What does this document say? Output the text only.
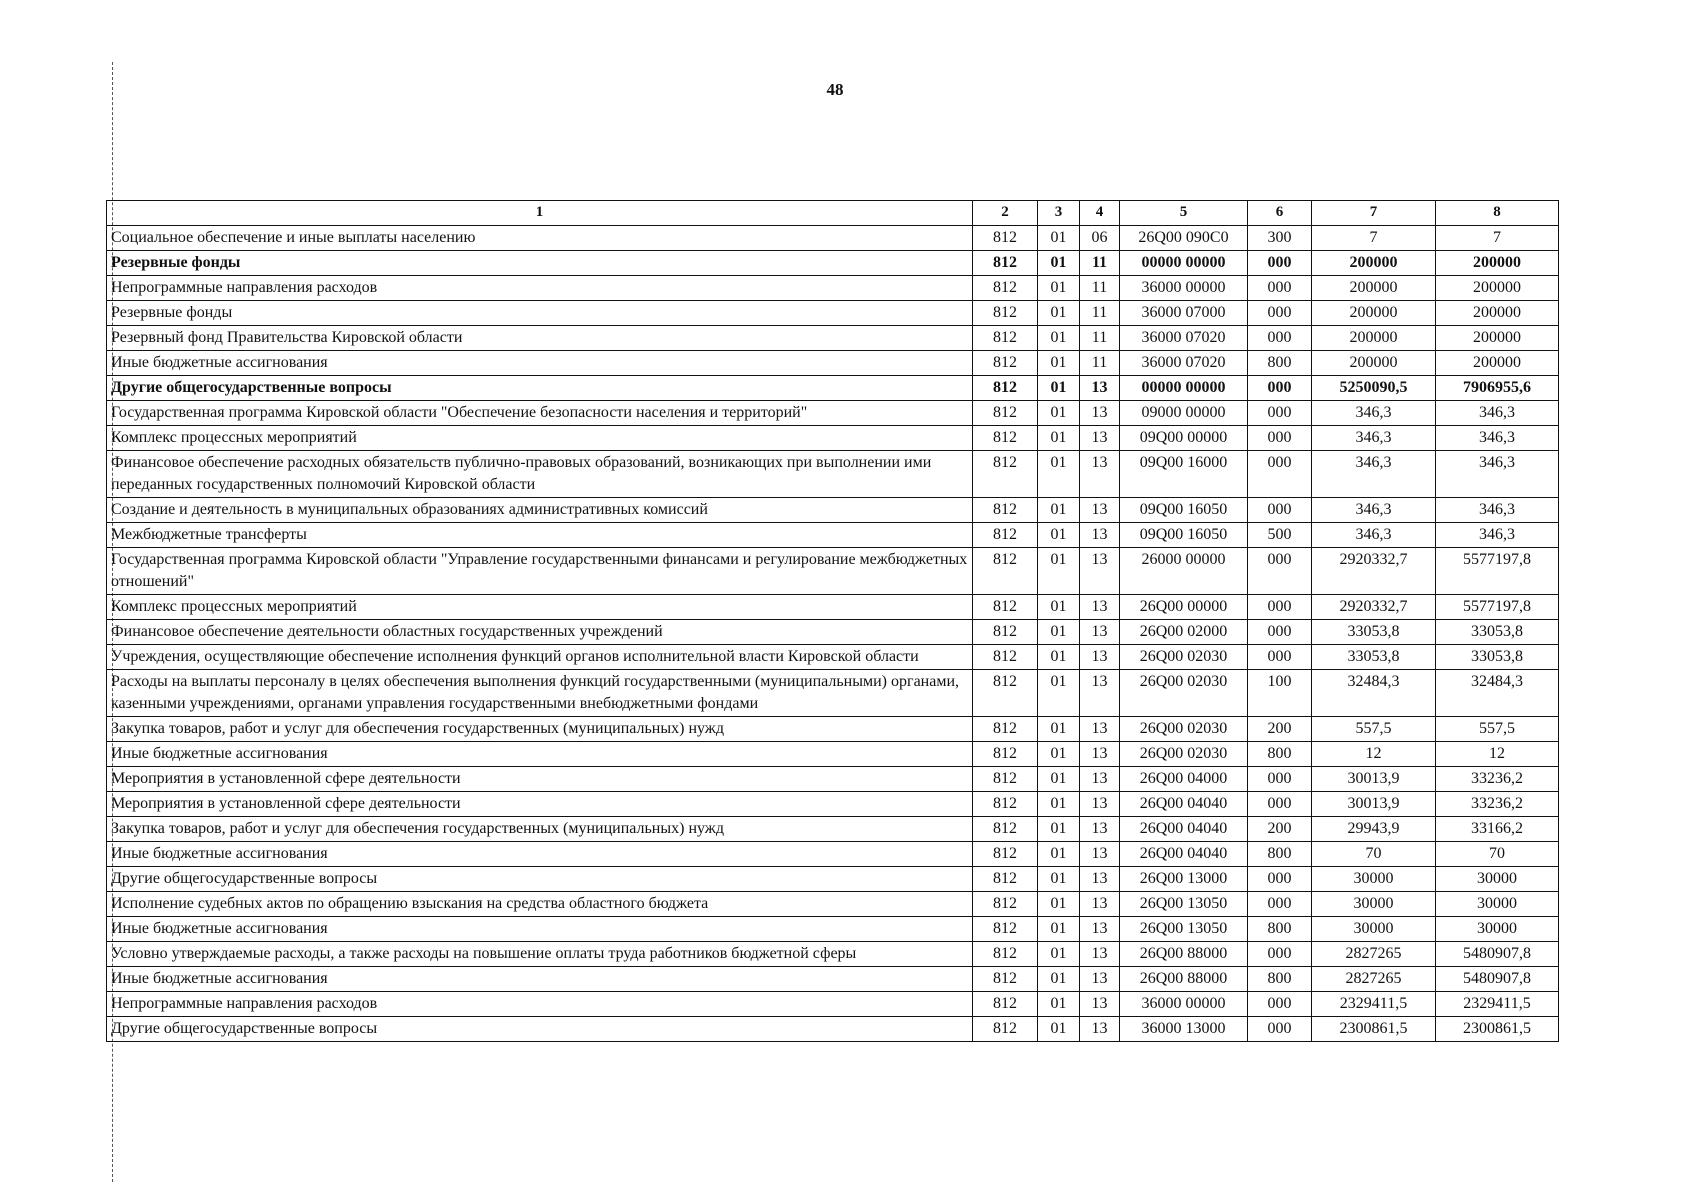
48
1	2	3	4	5	6	7	8
Социальное обеспечение и иные выплаты населению	812	01	06	26Q00 090C0	300	7	7
Резервные фонды	812	01	11	00000 00000	000	200000	200000
Непрограммные направления расходов	812	01	11	36000 00000	000	200000	200000
Резервные фонды	812	01	11	36000 07000	000	200000	200000
Резервный фонд Правительства Кировской области	812	01	11	36000 07020	000	200000	200000
Иные бюджетные ассигнования	812	01	11	36000 07020	800	200000	200000
Другие общегосударственные вопросы	812	01	13	00000 00000	000	5250090,5	7906955,6
Государственная программа Кировской области "Обеспечение безопасности населения и территорий"	812	01	13	09000 00000	000	346,3	346,3
Комплекс процессных мероприятий	812	01	13	09Q00 00000	000	346,3	346,3
Финансовое обеспечение расходных обязательств публично-правовых образований, возникающих при выполнении ими переданных государственных полномочий Кировской области	812	01	13	09Q00 16000	000	346,3	346,3
Создание и деятельность в муниципальных образованиях административных комиссий	812	01	13	09Q00 16050	000	346,3	346,3
Межбюджетные трансферты	812	01	13	09Q00 16050	500	346,3	346,3
Государственная программа Кировской области "Управление государственными финансами и регулирование межбюджетных отношений"	812	01	13	26000 00000	000	2920332,7	5577197,8
Комплекс процессных мероприятий	812	01	13	26Q00 00000	000	2920332,7	5577197,8
Финансовое обеспечение деятельности областных государственных учреждений	812	01	13	26Q00 02000	000	33053,8	33053,8
Учреждения, осуществляющие обеспечение исполнения функций органов исполнительной власти Кировской области	812	01	13	26Q00 02030	000	33053,8	33053,8
Расходы на выплаты персоналу в целях обеспечения выполнения функций государственными (муниципальными) органами, казенными учреждениями, органами управления государственными внебюджетными фондами	812	01	13	26Q00 02030	100	32484,3	32484,3
Закупка товаров, работ и услуг для обеспечения государственных (муниципальных) нужд	812	01	13	26Q00 02030	200	557,5	557,5
Иные бюджетные ассигнования	812	01	13	26Q00 02030	800	12	12
Мероприятия в установленной сфере деятельности	812	01	13	26Q00 04000	000	30013,9	33236,2
Мероприятия в установленной сфере деятельности	812	01	13	26Q00 04040	000	30013,9	33236,2
Закупка товаров, работ и услуг для обеспечения государственных (муниципальных) нужд	812	01	13	26Q00 04040	200	29943,9	33166,2
Иные бюджетные ассигнования	812	01	13	26Q00 04040	800	70	70
Другие общегосударственные вопросы	812	01	13	26Q00 13000	000	30000	30000
Исполнение судебных актов по обращению взыскания на средства областного бюджета	812	01	13	26Q00 13050	000	30000	30000
Иные бюджетные ассигнования	812	01	13	26Q00 13050	800	30000	30000
Условно утверждаемые расходы, а также расходы на повышение оплаты труда работников бюджетной сферы	812	01	13	26Q00 88000	000	2827265	5480907,8
Иные бюджетные ассигнования	812	01	13	26Q00 88000	800	2827265	5480907,8
Непрограммные направления расходов	812	01	13	36000 00000	000	2329411,5	2329411,5
Другие общегосударственные вопросы	812	01	13	36000 13000	000	2300861,5	2300861,5
